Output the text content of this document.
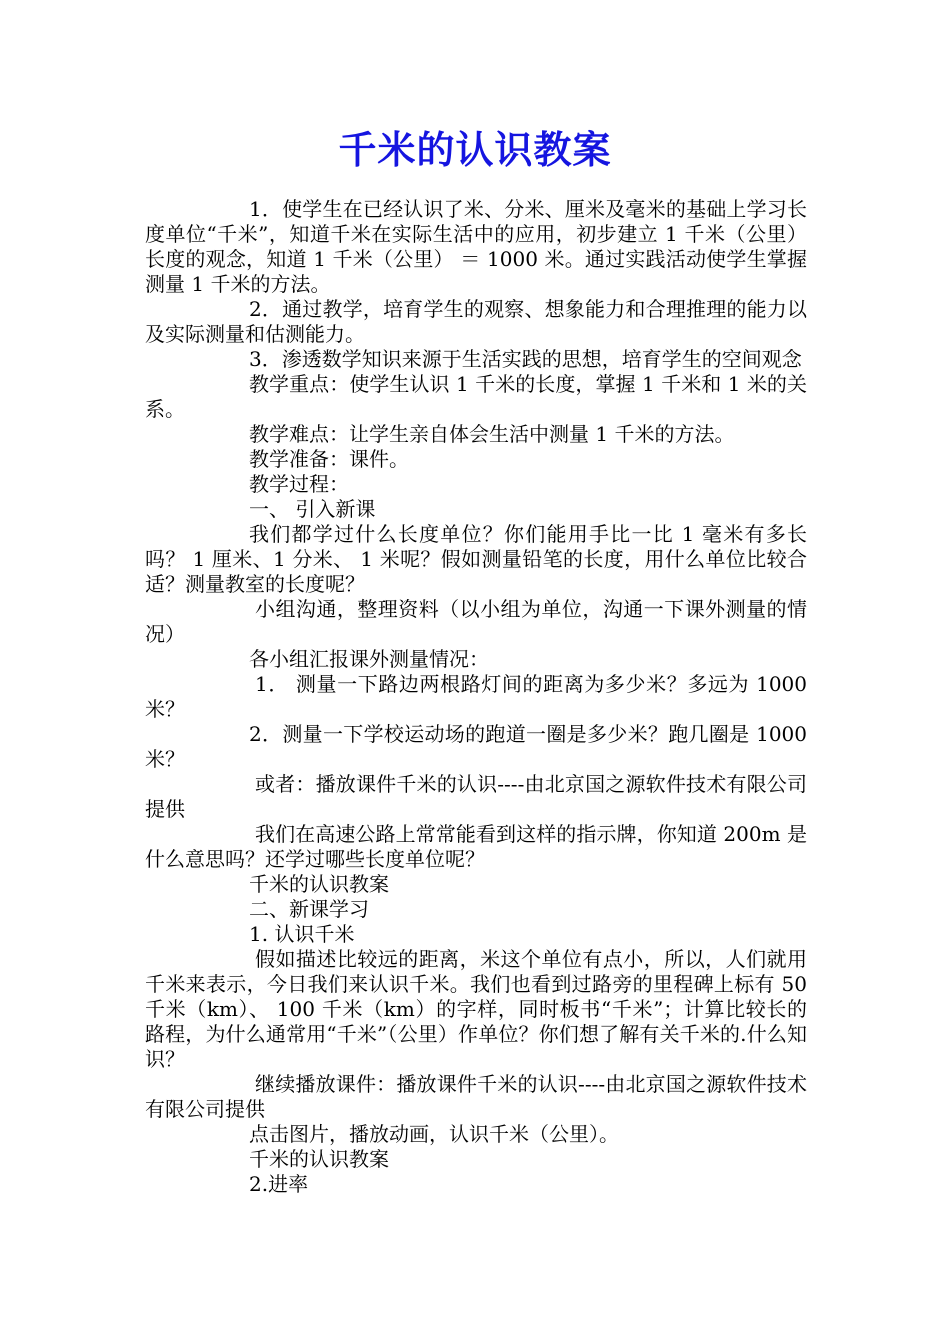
千米的认识教案

1．使学生在已经认识了米、分米、厘米及毫米的基础上学习长度单位“千米”，知道千米在实际生活中的应用，初步建立 1 千米（公里）长度的观念，知道 1 千米（公里） ＝ 1000 米。通过实践活动使学生掌握测量 1 千米的方法。

2．通过教学，培育学生的观察、想象能力和合理推理的能力以及实际测量和估测能力。

3．渗透数学知识来源于生活实践的思想，培育学生的空间观念

教学重点：使学生认识 1 千米的长度，掌握 1 千米和 1 米的关系。

教学难点：让学生亲自体会生活中测量 1 千米的方法。

教学准备：课件。

教学过程：

一、 引入新课

我们都学过什么长度单位？你们能用手比一比 1 毫米有多长吗？ 1 厘米、1 分米、 1 米呢？假如测量铅笔的长度，用什么单位比较合适？测量教室的长度呢？

小组沟通，整理资料（以小组为单位，沟通一下课外测量的情况）

各小组汇报课外测量情况：

1． 测量一下路边两根路灯间的距离为多少米？多远为 1000 米？

2．测量一下学校运动场的跑道一圈是多少米？跑几圈是 1000 米？

或者：播放课件千米的认识----由北京国之源软件技术有限公司提供

我们在高速公路上常常能看到这样的指示牌，你知道 200m 是什么意思吗？还学过哪些长度单位呢？

千米的认识教案

二、新课学习

1. 认识千米

假如描述比较远的距离，米这个单位有点小，所以，人们就用千米来表示，今日我们来认识千米。我们也看到过路旁的里程碑上标有 50 千米（km）、 100 千米（km）的字样，同时板书“千米”；计算比较长的路程，为什么通常用“千米”（公里）作单位？你们想了解有关千米的.什么知识？

继续播放课件：播放课件千米的认识----由北京国之源软件技术有限公司提供

点击图片，播放动画，认识千米（公里）。

千米的认识教案

2.进率
